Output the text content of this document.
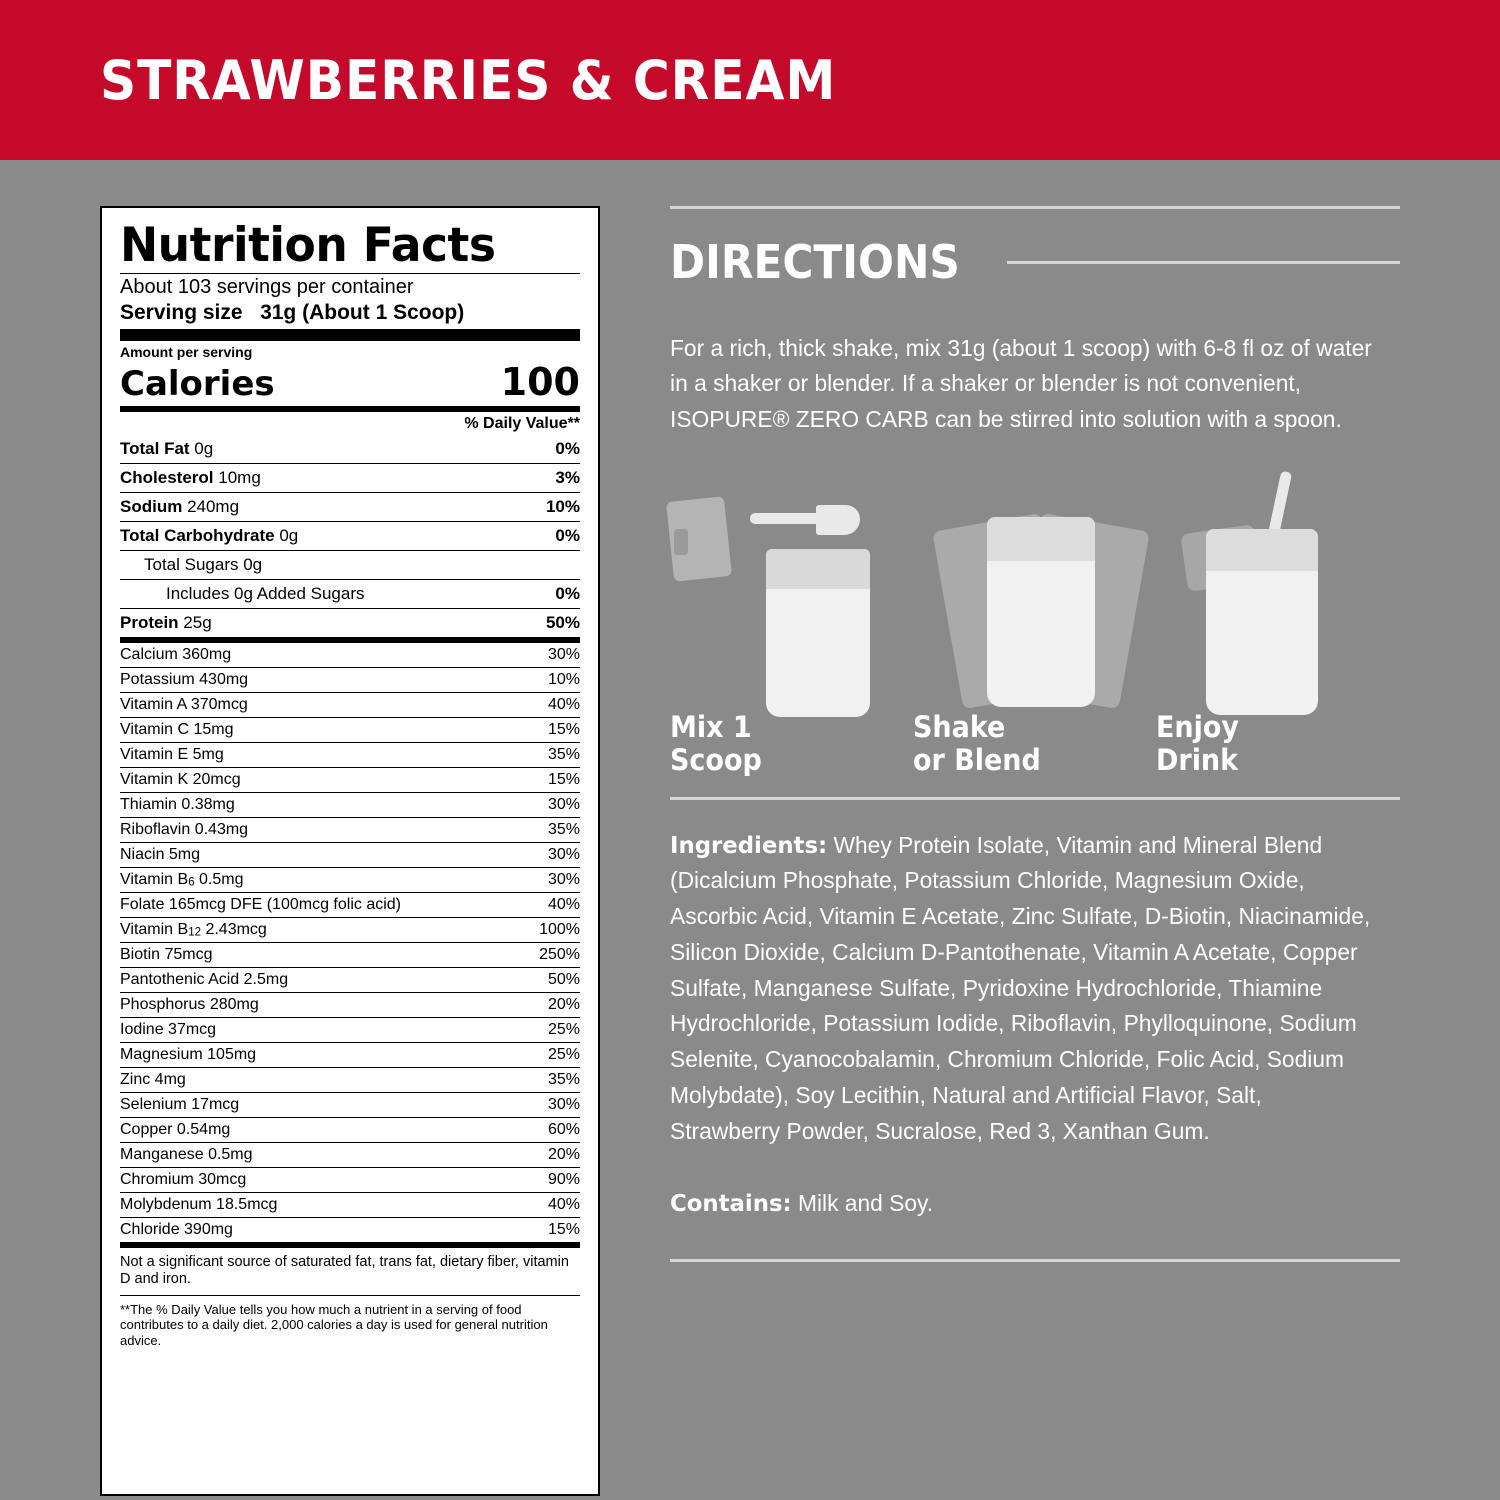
STRAWBERRIES & CREAM
Nutrition Facts
About 103 servings per container
Serving size 31g (About 1 Scoop)
Amount per serving
Calories	100
% Daily Value**
Total Fat 0g	0%
Cholesterol 10mg	3%
Sodium 240mg	10%
Total Carbohydrate 0g	0%
Total Sugars 0g
Includes 0g Added Sugars	0%
Protein 25g	50%
Calcium 360mg	30%
Potassium 430mg	10%
Vitamin A 370mcg	40%
Vitamin C 15mg	15%
Vitamin E 5mg	35%
Vitamin K 20mcg	15%
Thiamin 0.38mg	30%
Riboflavin 0.43mg	35%
Niacin 5mg	30%
Vitamin B6 0.5mg	30%
Folate 165mcg DFE (100mcg folic acid)	40%
Vitamin B12 2.43mcg	100%
Biotin 75mcg	250%
Pantothenic Acid 2.5mg	50%
Phosphorus 280mg	20%
Iodine 37mcg	25%
Magnesium 105mg	25%
Zinc 4mg	35%
Selenium 17mcg	30%
Copper 0.54mg	60%
Manganese 0.5mg	20%
Chromium 30mcg	90%
Molybdenum 18.5mcg	40%
Chloride 390mg	15%
Not a significant source of saturated fat, trans fat, dietary fiber, vitamin D and iron.
**The % Daily Value tells you how much a nutrient in a serving of food contributes to a daily diet. 2,000 calories a day is used for general nutrition advice.
DIRECTIONS
For a rich, thick shake, mix 31g (about 1 scoop) with 6-8 fl oz of water in a shaker or blender. If a shaker or blender is not convenient, ISOPURE® ZERO CARB can be stirred into solution with a spoon.
Mix 1
Scoop
Shake
or Blend
Enjoy
Drink
Ingredients: Whey Protein Isolate, Vitamin and Mineral Blend (Dicalcium Phosphate, Potassium Chloride, Magnesium Oxide, Ascorbic Acid, Vitamin E Acetate, Zinc Sulfate, D-Biotin, Niacinamide, Silicon Dioxide, Calcium D-Pantothenate, Vitamin A Acetate, Copper Sulfate, Manganese Sulfate, Pyridoxine Hydrochloride, Thiamine Hydrochloride, Potassium Iodide, Riboflavin, Phylloquinone, Sodium Selenite, Cyanocobalamin, Chromium Chloride, Folic Acid, Sodium Molybdate), Soy Lecithin, Natural and Artificial Flavor, Salt, Strawberry Powder, Sucralose, Red 3, Xanthan Gum.
Contains: Milk and Soy.
